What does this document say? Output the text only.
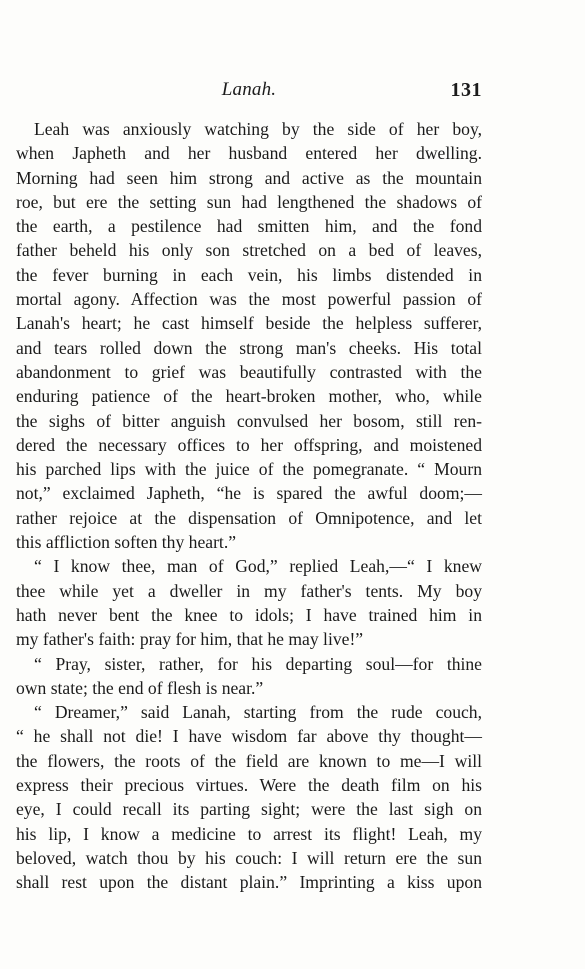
Lanah.	131
Leah was anxiously watching by the side of her boy,
when Japheth and her husband entered her dwelling.
Morning had seen him strong and active as the mountain
roe, but ere the setting sun had lengthened the shadows of
the earth, a pestilence had smitten him, and the fond
father beheld his only son stretched on a bed of leaves,
the fever burning in each vein, his limbs distended in
mortal agony. Affection was the most powerful passion of
Lanah's heart; he cast himself beside the helpless sufferer,
and tears rolled down the strong man's cheeks. His total
abandonment to grief was beautifully contrasted with the
enduring patience of the heart-broken mother, who, while
the sighs of bitter anguish convulsed her bosom, still ren-
dered the necessary offices to her offspring, and moistened
his parched lips with the juice of the pomegranate. “ Mourn
not,” exclaimed Japheth, “he is spared the awful doom;—
rather rejoice at the dispensation of Omnipotence, and let
this affliction soften thy heart.”
“ I know thee, man of God,” replied Leah,—“ I knew
thee while yet a dweller in my father's tents. My boy
hath never bent the knee to idols; I have trained him in
my father's faith: pray for him, that he may live!”
“ Pray, sister, rather, for his departing soul—for thine
own state; the end of flesh is near.”
“ Dreamer,” said Lanah, starting from the rude couch,
“ he shall not die! I have wisdom far above thy thought—
the flowers, the roots of the field are known to me—I will
express their precious virtues. Were the death film on his
eye, I could recall its parting sight; were the last sigh on
his lip, I know a medicine to arrest its flight! Leah, my
beloved, watch thou by his couch: I will return ere the sun
shall rest upon the distant plain.” Imprinting a kiss upon
